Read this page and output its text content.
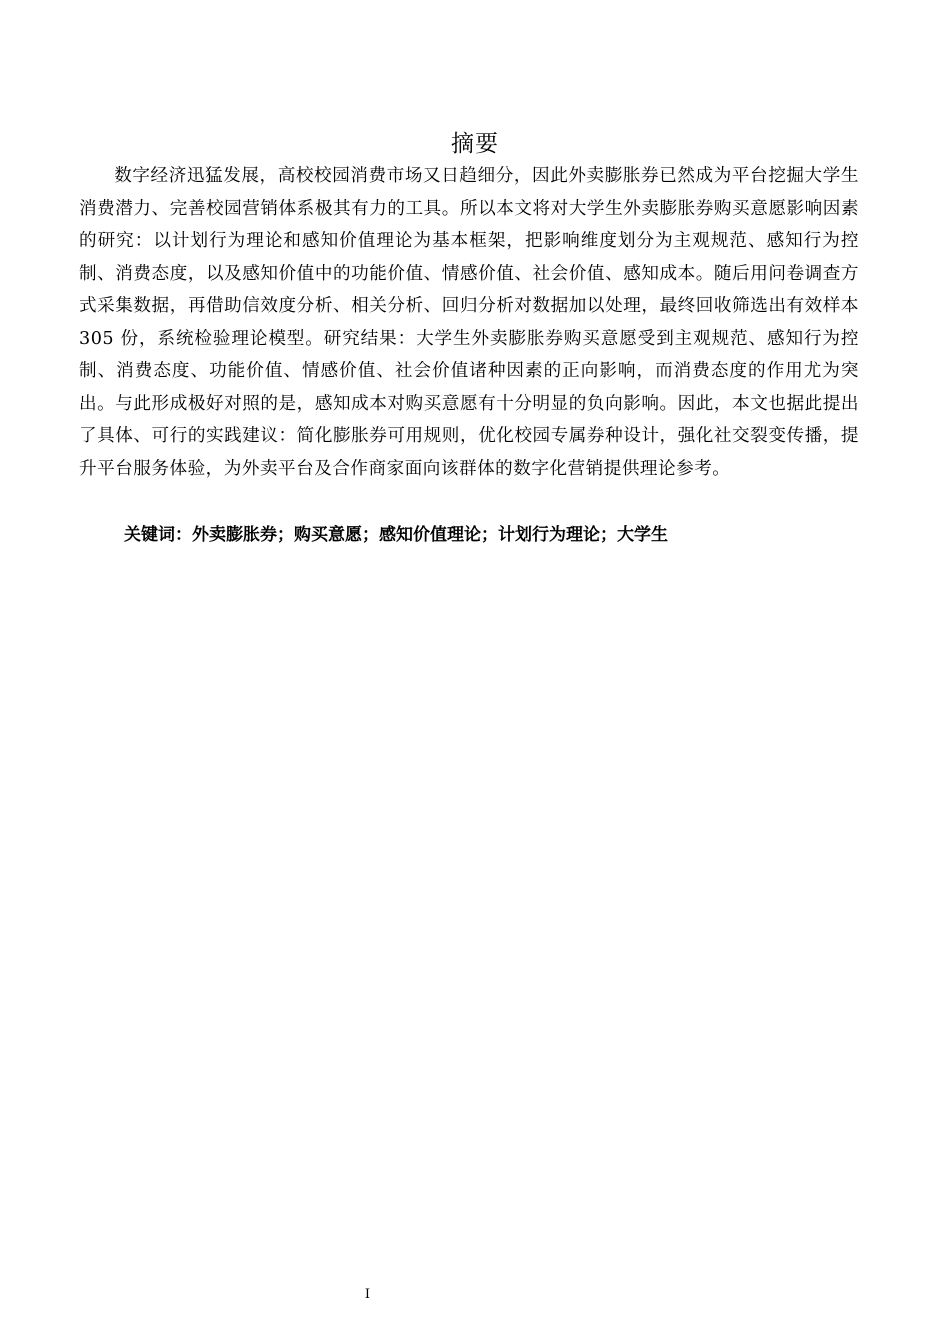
摘要

数字经济迅猛发展，高校校园消费市场又日趋细分，因此外卖膨胀券已然成为平台挖掘大学生消费潜力、完善校园营销体系极其有力的工具。所以本文将对大学生外卖膨胀券购买意愿影响因素的研究：以计划行为理论和感知价值理论为基本框架，把影响维度划分为主观规范、感知行为控制、消费态度，以及感知价值中的功能价值、情感价值、社会价值、感知成本。随后用问卷调查方式采集数据，再借助信效度分析、相关分析、回归分析对数据加以处理，最终回收筛选出有效样本 305 份，系统检验理论模型。研究结果：大学生外卖膨胀券购买意愿受到主观规范、感知行为控制、消费态度、功能价值、情感价值、社会价值诸种因素的正向影响，而消费态度的作用尤为突出。与此形成极好对照的是，感知成本对购买意愿有十分明显的负向影响。因此，本文也据此提出了具体、可行的实践建议：简化膨胀券可用规则，优化校园专属券种设计，强化社交裂变传播，提升平台服务体验，为外卖平台及合作商家面向该群体的数字化营销提供理论参考。

关键词：外卖膨胀券；购买意愿；感知价值理论；计划行为理论；大学生

I
